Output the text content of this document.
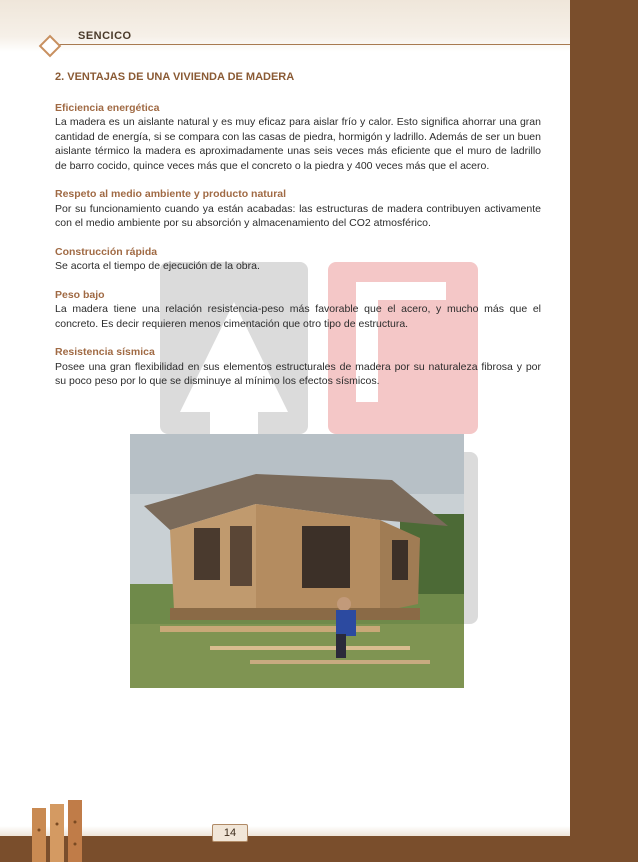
SENCICO
2. VENTAJAS DE UNA VIVIENDA DE MADERA
Eficiencia energética

La madera es un aislante natural y es muy eficaz para aislar frío y calor. Esto significa ahorrar una gran cantidad de energía, si se compara con las casas de piedra, hormigón y ladrillo. Además de ser un buen aislante térmico la madera es aproximadamente unas seis veces más eficiente que el muro de ladrillo de barro cocido, quince veces más que el concreto o la piedra y 400 veces más que el acero.

Respeto al medio ambiente y producto natural

Por su funcionamiento cuando ya están acabadas: las estructuras de madera contribuyen activamente con el medio ambiente por su absorción y almacenamiento del CO2 atmosférico.

Construcción rápida

Se acorta el tiempo de ejecución de la obra.

Peso bajo

La madera tiene una relación resistencia-peso más favorable que el acero, y mucho más que el concreto. Es decir requieren menos cimentación que otro tipo de estructura.

Resistencia sísmica

Posee una gran flexibilidad en sus elementos estructurales de madera por su naturaleza fibrosa y por su poco peso por lo que se disminuye al mínimo los efectos sísmicos.

14
